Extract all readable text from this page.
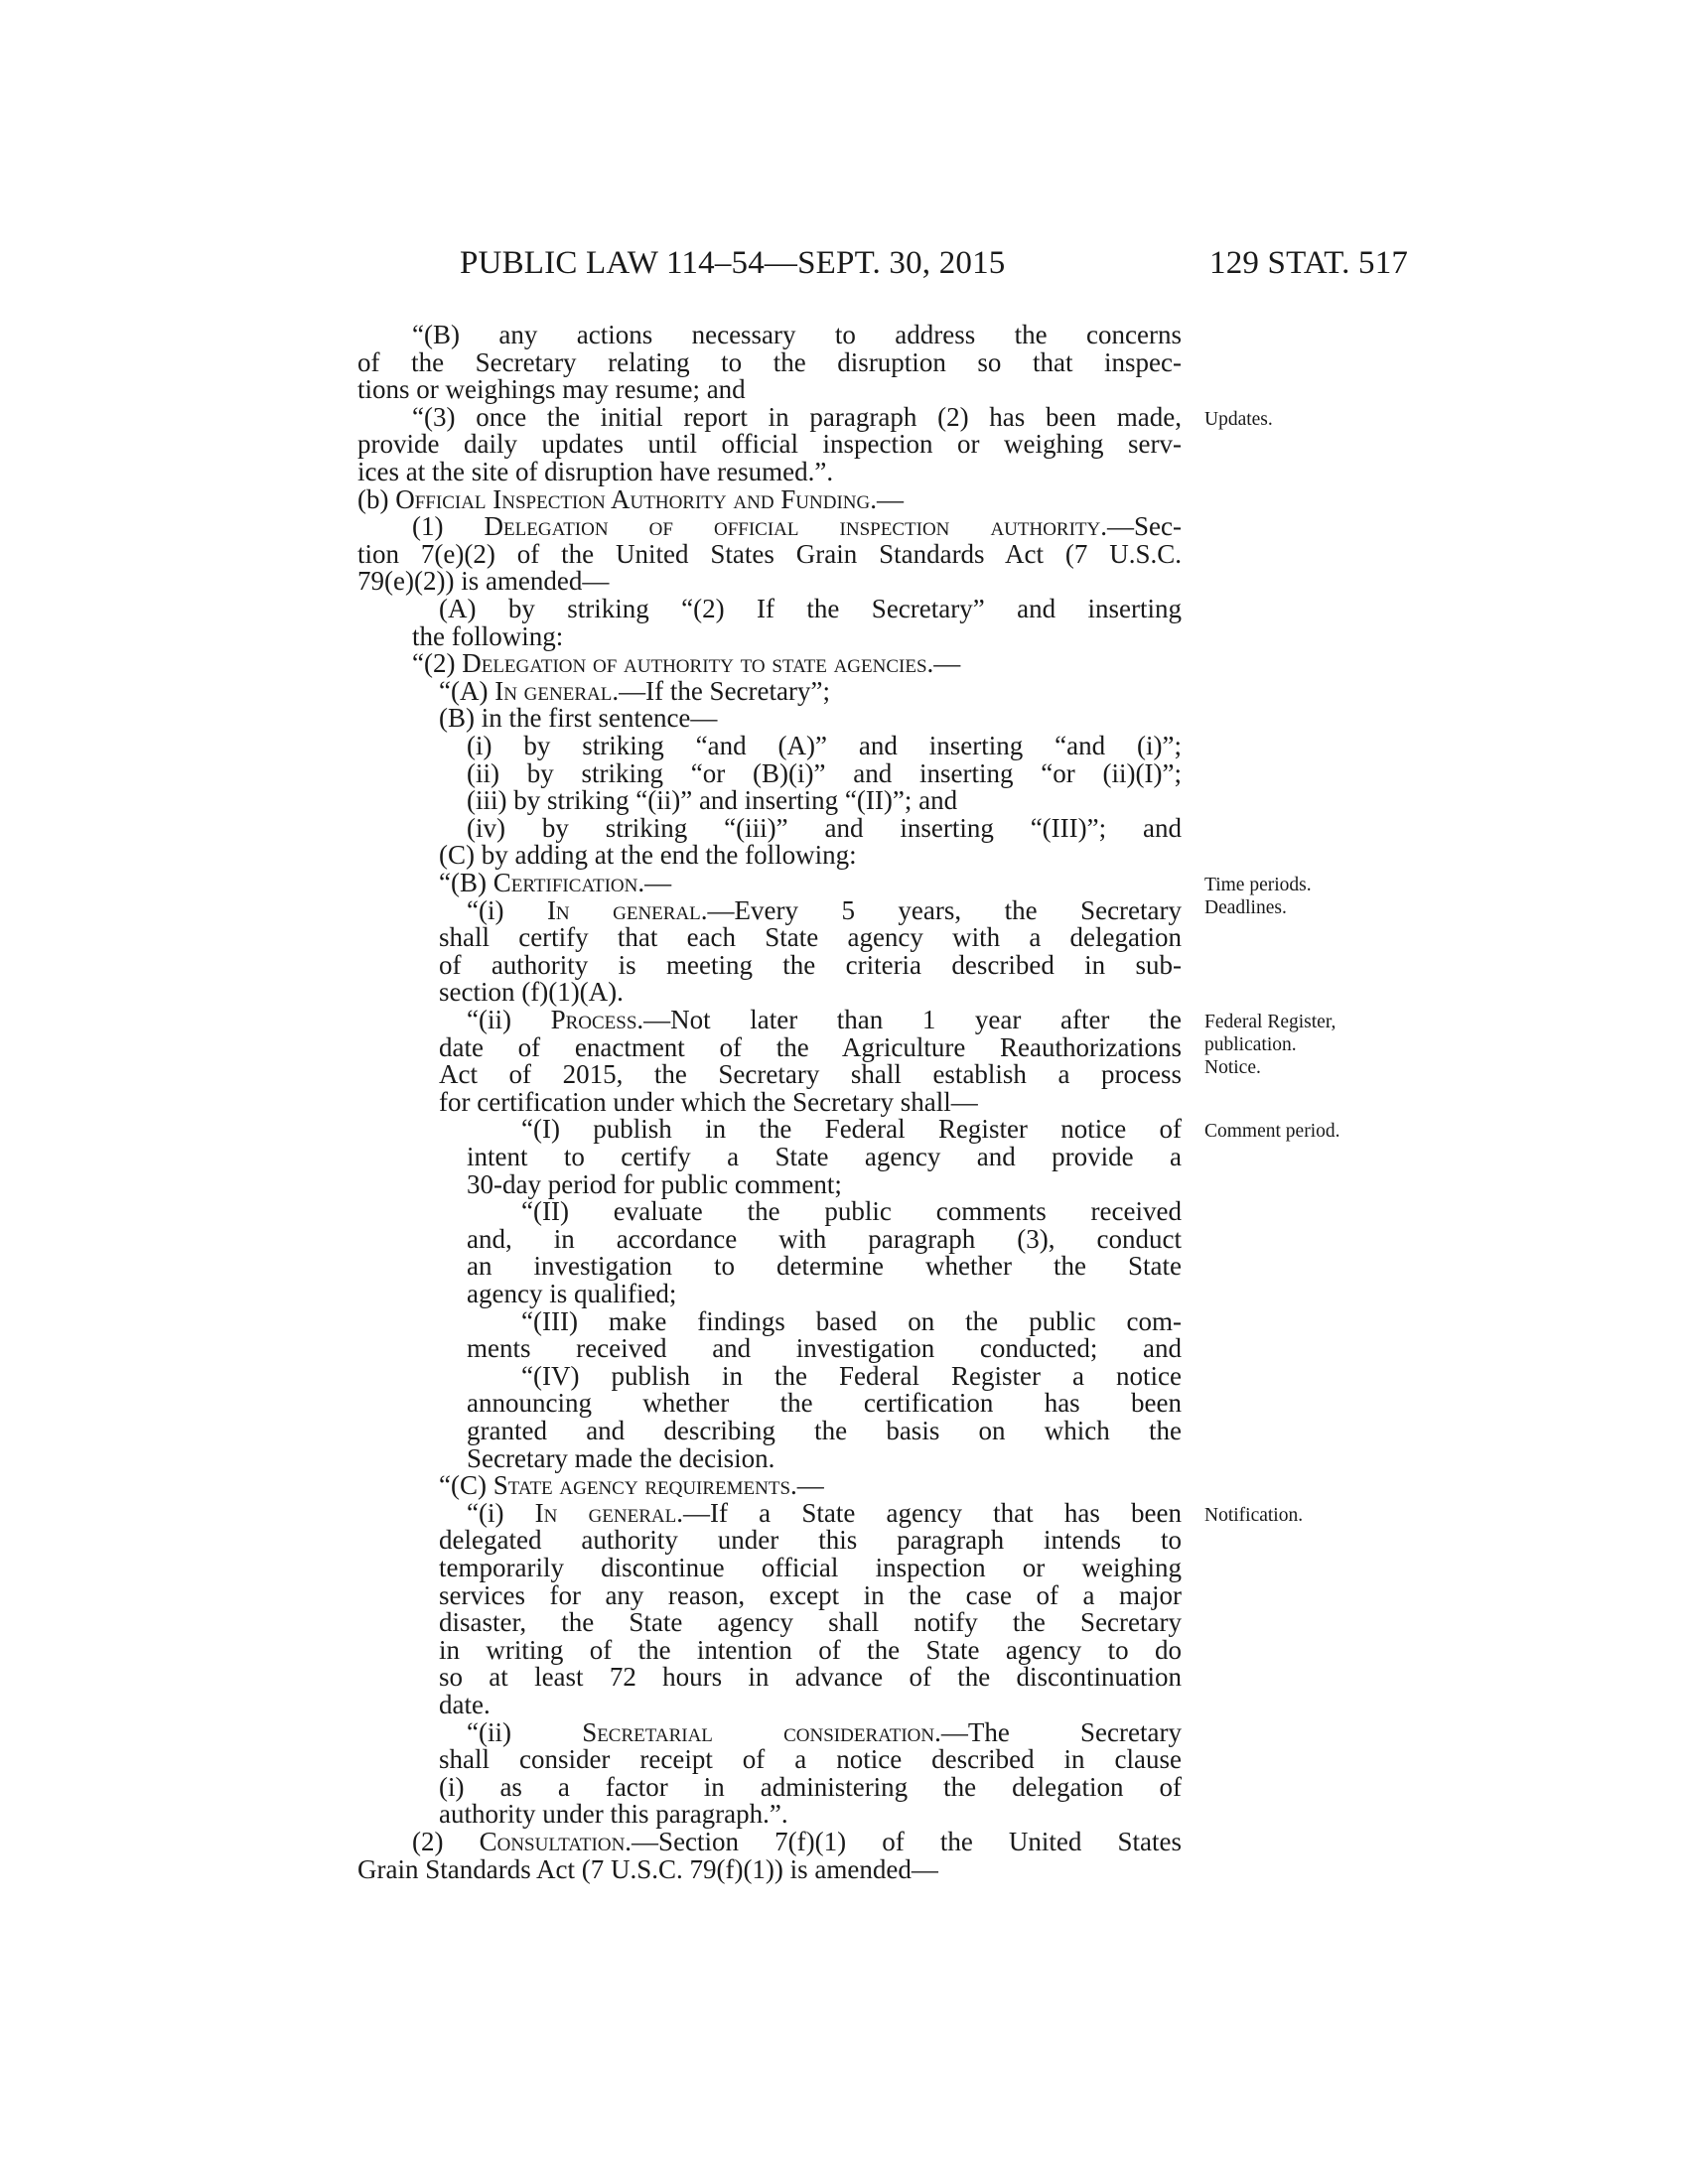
PUBLIC LAW 114–54—SEPT. 30, 2015	129 STAT. 517
“(B) any actions necessary to address the concerns
of the Secretary relating to the disruption so that inspec-
tions or weighings may resume; and
“(3) once the initial report in paragraph (2) has been made,
provide daily updates until official inspection or weighing serv-
ices at the site of disruption have resumed.”.
(b) Official Inspection Authority and Funding.—
(1) Delegation of official inspection authority.—Sec-
tion 7(e)(2) of the United States Grain Standards Act (7 U.S.C.
79(e)(2)) is amended—
(A) by striking “(2) If the Secretary” and inserting
the following:
“(2) Delegation of authority to state agencies.—
“(A) In general.—If the Secretary”;
(B) in the first sentence—
(i) by striking “and (A)” and inserting “and (i)”;
(ii) by striking “or (B)(i)” and inserting “or (ii)(I)”;
(iii) by striking “(ii)” and inserting “(II)”; and
(iv) by striking “(iii)” and inserting “(III)”; and
(C) by adding at the end the following:
“(B) Certification.—
“(i) In general.—Every 5 years, the Secretary
shall certify that each State agency with a delegation
of authority is meeting the criteria described in sub-
section (f)(1)(A).
“(ii) Process.—Not later than 1 year after the
date of enactment of the Agriculture Reauthorizations
Act of 2015, the Secretary shall establish a process
for certification under which the Secretary shall—
“(I) publish in the Federal Register notice of
intent to certify a State agency and provide a
30-day period for public comment;
“(II) evaluate the public comments received
and, in accordance with paragraph (3), conduct
an investigation to determine whether the State
agency is qualified;
“(III) make findings based on the public com-
ments received and investigation conducted; and
“(IV) publish in the Federal Register a notice
announcing whether the certification has been
granted and describing the basis on which the
Secretary made the decision.
“(C) State agency requirements.—
“(i) In general.—If a State agency that has been
delegated authority under this paragraph intends to
temporarily discontinue official inspection or weighing
services for any reason, except in the case of a major
disaster, the State agency shall notify the Secretary
in writing of the intention of the State agency to do
so at least 72 hours in advance of the discontinuation
date.
“(ii) Secretarial consideration.—The Secretary
shall consider receipt of a notice described in clause
(i) as a factor in administering the delegation of
authority under this paragraph.”.
(2) Consultation.—Section 7(f)(1) of the United States
Grain Standards Act (7 U.S.C. 79(f)(1)) is amended—
Updates.
Time periods.
Deadlines.
Federal Register,
publication.
Notice.
Comment period.
Notification.
